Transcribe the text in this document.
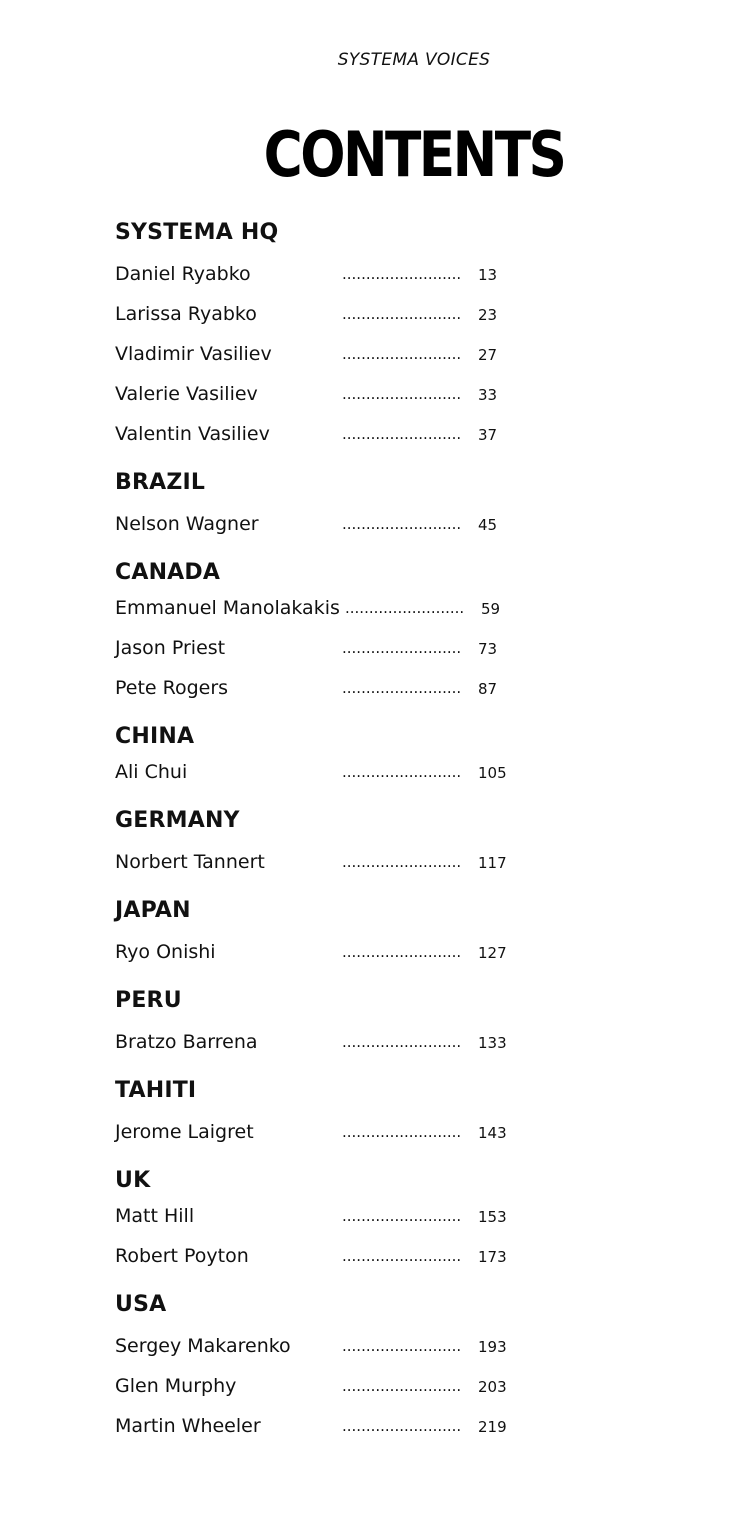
SYSTEMA VOICES
CONTENTS
SYSTEMA HQ
Daniel Ryabko	......................... 13
Larissa Ryabko	......................... 23
Vladimir Vasiliev	......................... 27
Valerie Vasiliev	......................... 33
Valentin Vasiliev	......................... 37
BRAZIL
Nelson Wagner	......................... 45
CANADA
Emmanuel Manolakakis ......................... 59
Jason Priest	......................... 73
Pete Rogers	......................... 87
CHINA
Ali Chui	......................... 105
GERMANY
Norbert Tannert	......................... 117
JAPAN
Ryo Onishi	......................... 127
PERU
Bratzo Barrena	......................... 133
TAHITI
Jerome Laigret	......................... 143
UK
Matt Hill	......................... 153
Robert Poyton	......................... 173
USA
Sergey Makarenko	......................... 193
Glen Murphy	......................... 203
Martin Wheeler	......................... 219
